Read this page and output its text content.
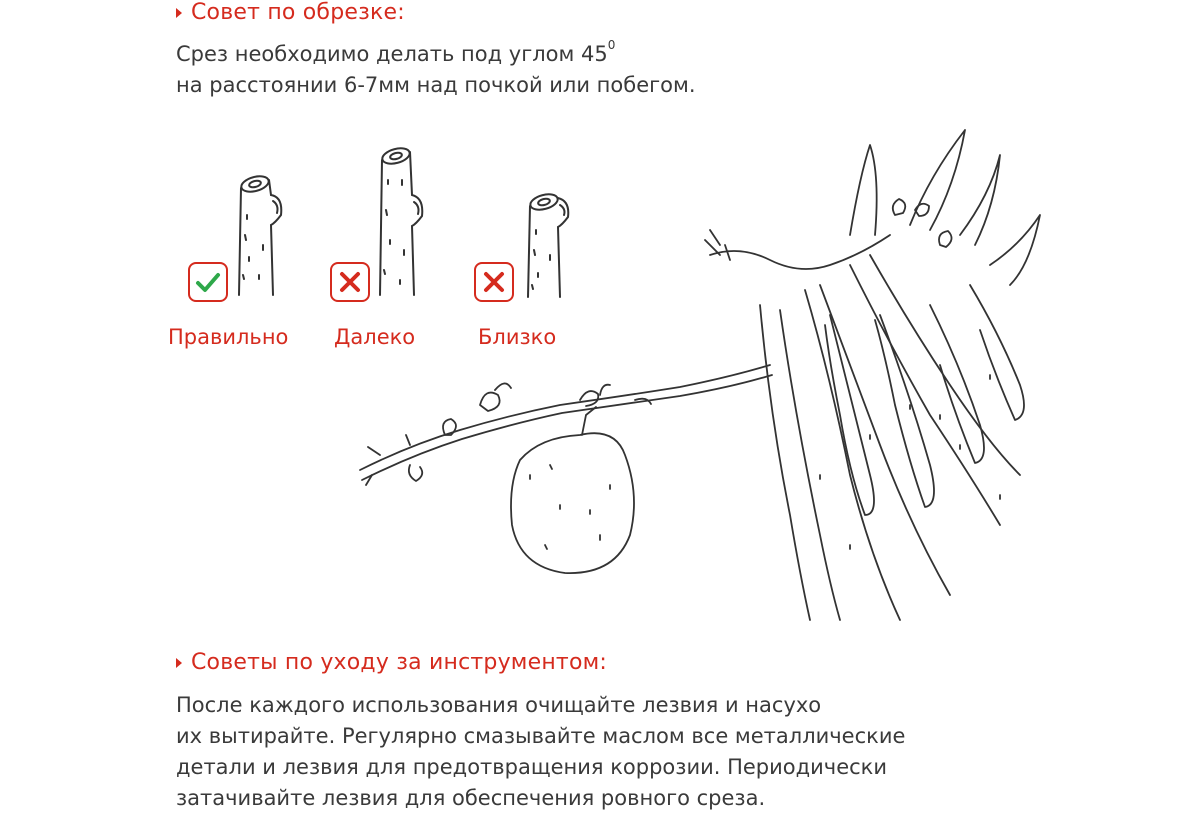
Совет по обрезке:

Срез необходимо делать под углом $45^0$
на расстоянии 6-7мм над почкой или побегом.

Правильно Далеко	Близко
Советы по уходу за инструментом:

После каждого использования очищайте лезвия и насухо
их вытирайте. Регулярно смазывайте маслом все металлические
детали и лезвия для предотвращения коррозии. Периодически
затачивайте лезвия для обеспечения ровного среза.
